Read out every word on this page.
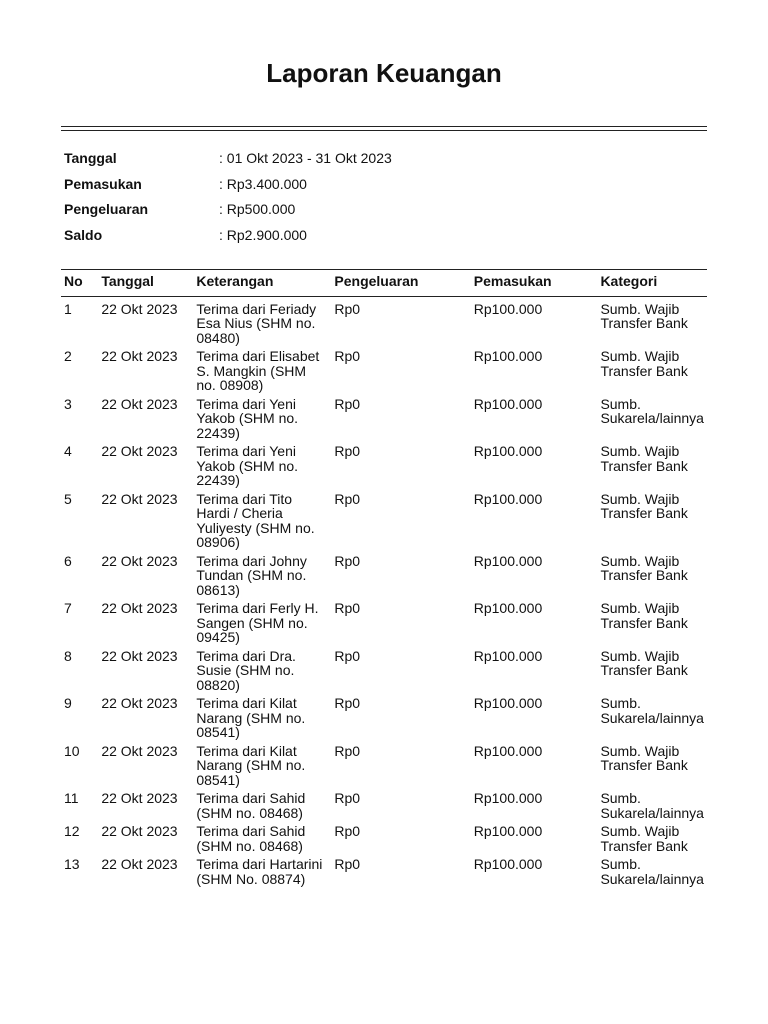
Laporan Keuangan
Tanggal	: 01 Okt 2023 - 31 Okt 2023
Pemasukan	: Rp3.400.000
Pengeluaran	: Rp500.000
Saldo	: Rp2.900.000
No	Tanggal	Keterangan	Pengeluaran	Pemasukan	Kategori
1	22 Okt 2023	Terima dari Feriady Esa Nius (SHM no. 08480)	Rp0	Rp100.000	Sumb. Wajib Transfer Bank
2	22 Okt 2023	Terima dari Elisabet S. Mangkin (SHM no. 08908)	Rp0	Rp100.000	Sumb. Wajib Transfer Bank
3	22 Okt 2023	Terima dari Yeni Yakob (SHM no. 22439)	Rp0	Rp100.000	Sumb. Sukarela/lainnya
4	22 Okt 2023	Terima dari Yeni Yakob (SHM no. 22439)	Rp0	Rp100.000	Sumb. Wajib Transfer Bank
5	22 Okt 2023	Terima dari Tito Hardi / Cheria Yuliyesty (SHM no. 08906)	Rp0	Rp100.000	Sumb. Wajib Transfer Bank
6	22 Okt 2023	Terima dari Johny Tundan (SHM no. 08613)	Rp0	Rp100.000	Sumb. Wajib Transfer Bank
7	22 Okt 2023	Terima dari Ferly H. Sangen (SHM no. 09425)	Rp0	Rp100.000	Sumb. Wajib Transfer Bank
8	22 Okt 2023	Terima dari Dra. Susie (SHM no. 08820)	Rp0	Rp100.000	Sumb. Wajib Transfer Bank
9	22 Okt 2023	Terima dari Kilat Narang (SHM no. 08541)	Rp0	Rp100.000	Sumb. Sukarela/lainnya
10	22 Okt 2023	Terima dari Kilat Narang (SHM no. 08541)	Rp0	Rp100.000	Sumb. Wajib Transfer Bank
11	22 Okt 2023	Terima dari Sahid (SHM no. 08468)	Rp0	Rp100.000	Sumb. Sukarela/lainnya
12	22 Okt 2023	Terima dari Sahid (SHM no. 08468)	Rp0	Rp100.000	Sumb. Wajib Transfer Bank
13	22 Okt 2023	Terima dari Hartarini (SHM No. 08874)	Rp0	Rp100.000	Sumb. Sukarela/lainnya
